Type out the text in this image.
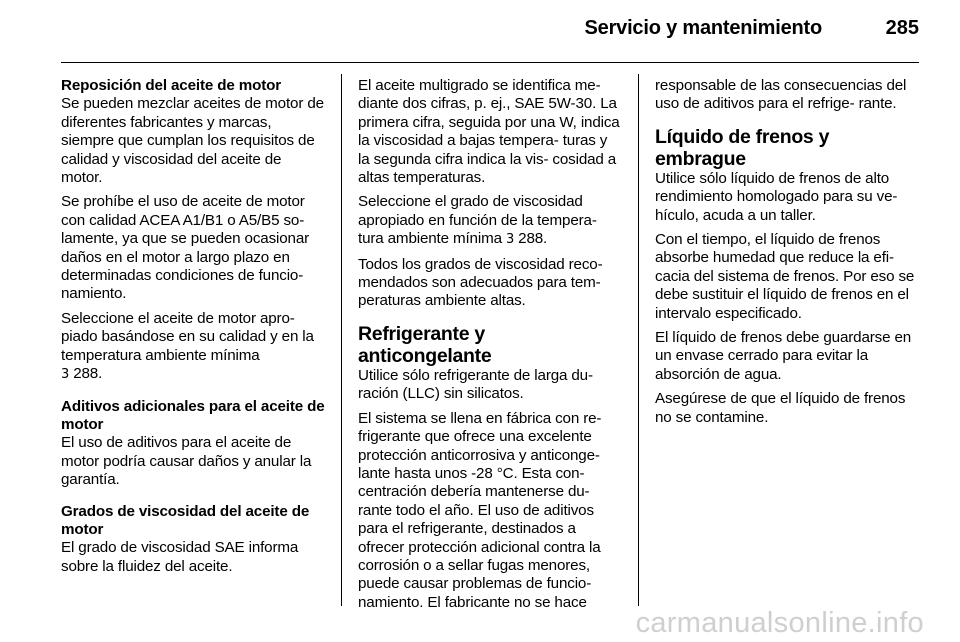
Servicio y mantenimiento	285
Reposición del aceite de motor

Se pueden mezclar aceites de motor de diferentes fabricantes y marcas, siempre que cumplan los requisitos de calidad y viscosidad del aceite de motor.

Se prohíbe el uso de aceite de motor con calidad ACEA A1/B1 o A5/B5 so- lamente, ya que se pueden ocasionar daños en el motor a largo plazo en determinadas condiciones de funcio- namiento.

Seleccione el aceite de motor apro- piado basándose en su calidad y en la temperatura ambiente mínima
3 288.

Aditivos adicionales para el aceite de motor

El uso de aditivos para el aceite de motor podría causar daños y anular la garantía.

Grados de viscosidad del aceite de motor

El grado de viscosidad SAE informa sobre la fluidez del aceite.

El aceite multigrado se identifica me- diante dos cifras, p. ej., SAE 5W-30. La primera cifra, seguida por una W, indica la viscosidad a bajas tempera- turas y la segunda cifra indica la vis- cosidad a altas temperaturas.

Seleccione el grado de viscosidad apropiado en función de la tempera- tura ambiente mínima 3 288.

Todos los grados de viscosidad reco- mendados son adecuados para tem- peraturas ambiente altas.

Refrigerante y anticongelante

Utilice sólo refrigerante de larga du- ración (LLC) sin silicatos.

El sistema se llena en fábrica con re- frigerante que ofrece una excelente protección anticorrosiva y anticonge- lante hasta unos -28 °C. Esta con- centración debería mantenerse du- rante todo el año. El uso de aditivos para el refrigerante, destinados a ofrecer protección adicional contra la corrosión o a sellar fugas menores, puede causar problemas de funcio- namiento. El fabricante no se hace

responsable de las consecuencias del uso de aditivos para el refrige- rante.

Líquido de frenos y embrague

Utilice sólo líquido de frenos de alto rendimiento homologado para su ve- hículo, acuda a un taller.

Con el tiempo, el líquido de frenos absorbe humedad que reduce la efi- cacia del sistema de frenos. Por eso se debe sustituir el líquido de frenos en el intervalo especificado.

El líquido de frenos debe guardarse en un envase cerrado para evitar la absorción de agua.

Asegúrese de que el líquido de frenos no se contamine.

carmanualsonline.info
